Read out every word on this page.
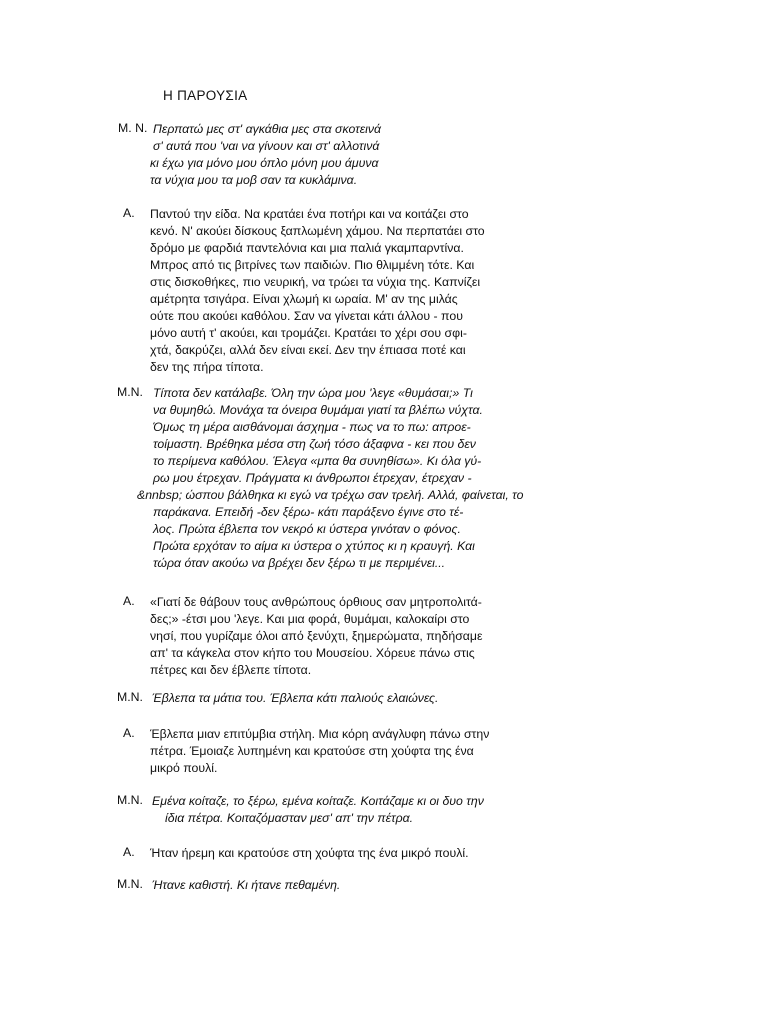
Η ΠΑΡΟΥΣΙΑ
Μ. Ν. Περπατώ μες στ' αγκάθια μες στα σκοτεινά
σ' αυτά που 'ναι να γίνουν και στ' αλλοτινά
κι έχω για μόνο μου όπλο μόνη μου άμυνα
τα νύχια μου τα μοβ σαν τα κυκλάμινα.
Α. Παντού την είδα. Να κρατάει ένα ποτήρι και να κοιτάζει στο
κενό. Ν' ακούει δίσκους ξαπλωμένη χάμου. Να περπατάει στο
δρόμο με φαρδιά παντελόνια και μια παλιά γκαμπαρντίνα.
Μπρος από τις βιτρίνες των παιδιών. Πιο θλιμμένη τότε. Και
στις δισκοθήκες, πιο νευρική, να τρώει τα νύχια της. Καπνίζει
αμέτρητα τσιγάρα. Είναι χλωμή κι ωραία. Μ' αν της μιλάς
ούτε που ακούει καθόλου. Σαν να γίνεται κάτι άλλου - που
μόνο αυτή τ' ακούει, και τρομάζει. Κρατάει το χέρι σου σφι-
χτά, δακρύζει, αλλά δεν είναι εκεί. Δεν την έπιασα ποτέ και
δεν της πήρα τίποτα.
Μ.Ν. Τίποτα δεν κατάλαβε. Όλη την ώρα μου 'λεγε «θυμάσαι;» Τι
να θυμηθώ. Μονάχα τα όνειρα θυμάμαι γιατί τα βλέπω νύχτα.
Όμως τη μέρα αισθάνομαι άσχημα - πως να το πω: απροε-
τοίμαστη. Βρέθηκα μέσα στη ζωή τόσο άξαφνα - κει που δεν
το περίμενα καθόλου. Έλεγα «μπα θα συνηθίσω». Κι όλα γύ-
ρω μου έτρεχαν. Πράγματα κι άνθρωποι έτρεχαν, έτρεχαν -
&nnbsp; ώσπου βάλθηκα κι εγώ να τρέχω σαν τρελή. Αλλά, φαίνεται, το
παράκανα. Επειδή -δεν ξέρω- κάτι παράξενο έγινε στο τέ-
λος. Πρώτα έβλεπα τον νεκρό κι ύστερα γινόταν ο φόνος.
Πρώτα ερχόταν το αίμα κι ύστερα ο χτύπος κι η κραυγή. Και
τώρα όταν ακούω να βρέχει δεν ξέρω τι με περιμένει...
Α. «Γιατί δε θάβουν τους ανθρώπους όρθιους σαν μητροπολιτά-
δες;» -έτσι μου 'λεγε. Και μια φορά, θυμάμαι, καλοκαίρι στο
νησί, που γυρίζαμε όλοι από ξενύχτι, ξημερώματα, πηδήσαμε
απ' τα κάγκελα στον κήπο του Μουσείου. Χόρευε πάνω στις
πέτρες και δεν έβλεπε τίποτα.
Μ.Ν. Έβλεπα τα μάτια του. Έβλεπα κάτι παλιούς ελαιώνες.
Α. Έβλεπα μιαν επιτύμβια στήλη. Μια κόρη ανάγλυφη πάνω στην
πέτρα. Έμοιαζε λυπημένη και κρατούσε στη χούφτα της ένα
μικρό πουλί.
Μ.Ν. Εμένα κοίταζε, το ξέρω, εμένα κοίταζε. Κοιτάζαμε κι οι δυο την
ίδια πέτρα. Κοιταζόμασταν μεσ' απ' την πέτρα.
Α. Ήταν ήρεμη και κρατούσε στη χούφτα της ένα μικρό πουλί.
Μ.Ν. Ήτανε καθιστή. Κι ήτανε πεθαμένη.
